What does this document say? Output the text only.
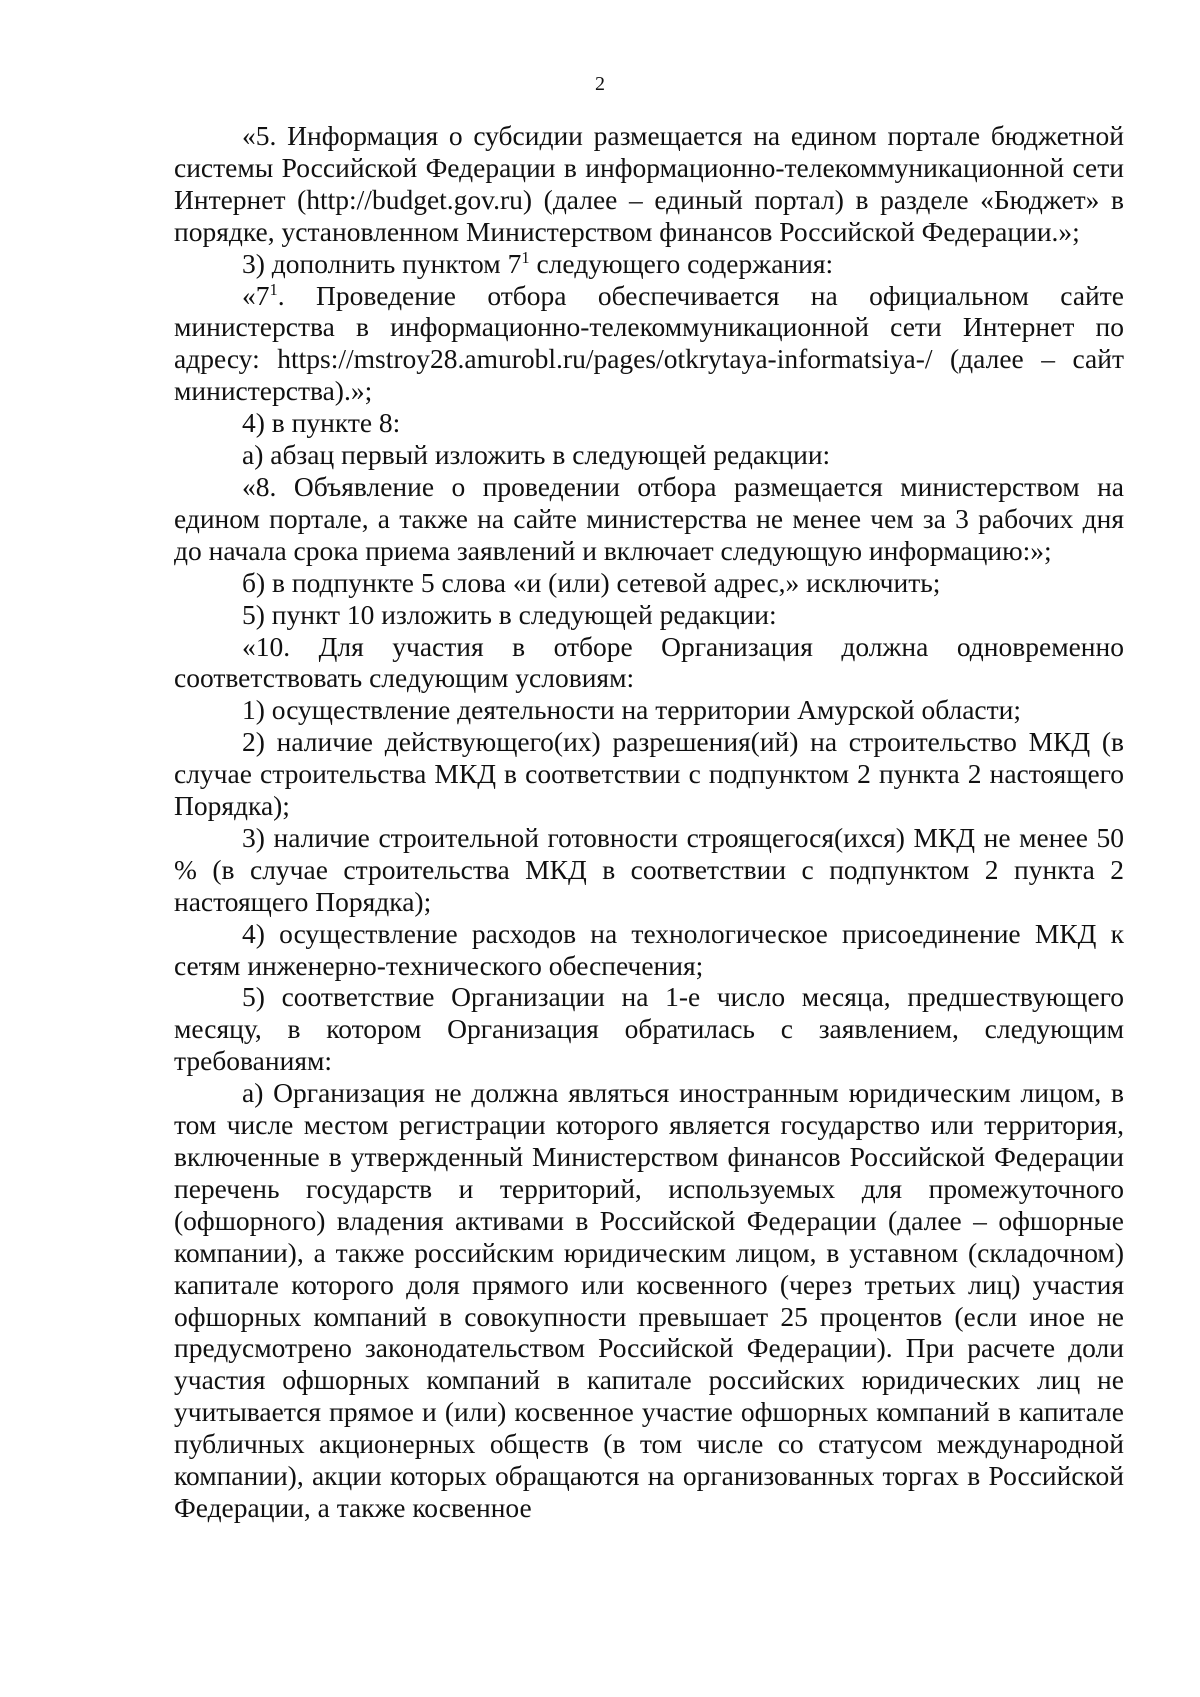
2

«5. Информация о субсидии размещается на едином портале бюджетной системы Российской Федерации в информационно-телекоммуникационной сети Интернет (http://budget.gov.ru) (далее – единый портал) в разделе «Бюджет» в порядке, установленном Министерством финансов Российской Федерации.»;

3) дополнить пунктом $7^1$ следующего содержания:

«$7^1$. Проведение отбора обеспечивается на официальном сайте министерства в информационно-телекоммуникационной сети Интернет по адресу: https://mstroy28.amurobl.ru/pages/otkrytaya-informatsiya-/ (далее – сайт министерства).»;

4) в пункте 8:

а) абзац первый изложить в следующей редакции:

«8. Объявление о проведении отбора размещается министерством на едином портале, а также на сайте министерства не менее чем за 3 рабочих дня до начала срока приема заявлений и включает следующую информацию:»;

б) в подпункте 5 слова «и (или) сетевой адрес,» исключить;

5) пункт 10 изложить в следующей редакции:

«10. Для участия в отборе Организация должна одновременно соответствовать следующим условиям:

1) осуществление деятельности на территории Амурской области;

2) наличие действующего(их) разрешения(ий) на строительство МКД (в случае строительства МКД в соответствии с подпунктом 2 пункта 2 настоящего Порядка);

3) наличие строительной готовности строящегося(ихся) МКД не менее 50 % (в случае строительства МКД в соответствии с подпунктом 2 пункта 2 настоящего Порядка);

4) осуществление расходов на технологическое присоединение МКД к сетям инженерно-технического обеспечения;

5) соответствие Организации на 1-е число месяца, предшествующего месяцу, в котором Организация обратилась с заявлением, следующим требованиям:

а) Организация не должна являться иностранным юридическим лицом, в том числе местом регистрации которого является государство или территория, включенные в утвержденный Министерством финансов Российской Федерации перечень государств и территорий, используемых для промежуточного (офшорного) владения активами в Российской Федерации (далее – офшорные компании), а также российским юридическим лицом, в уставном (складочном) капитале которого доля прямого или косвенного (через третьих лиц) участия офшорных компаний в совокупности превышает 25 процентов (если иное не предусмотрено законодательством Российской Федерации). При расчете доли участия офшорных компаний в капитале российских юридических лиц не учитывается прямое и (или) косвенное участие офшорных компаний в капитале публичных акционерных обществ (в том числе со статусом международной компании), акции которых обращаются на организованных торгах в Российской Федерации, а также косвенное
